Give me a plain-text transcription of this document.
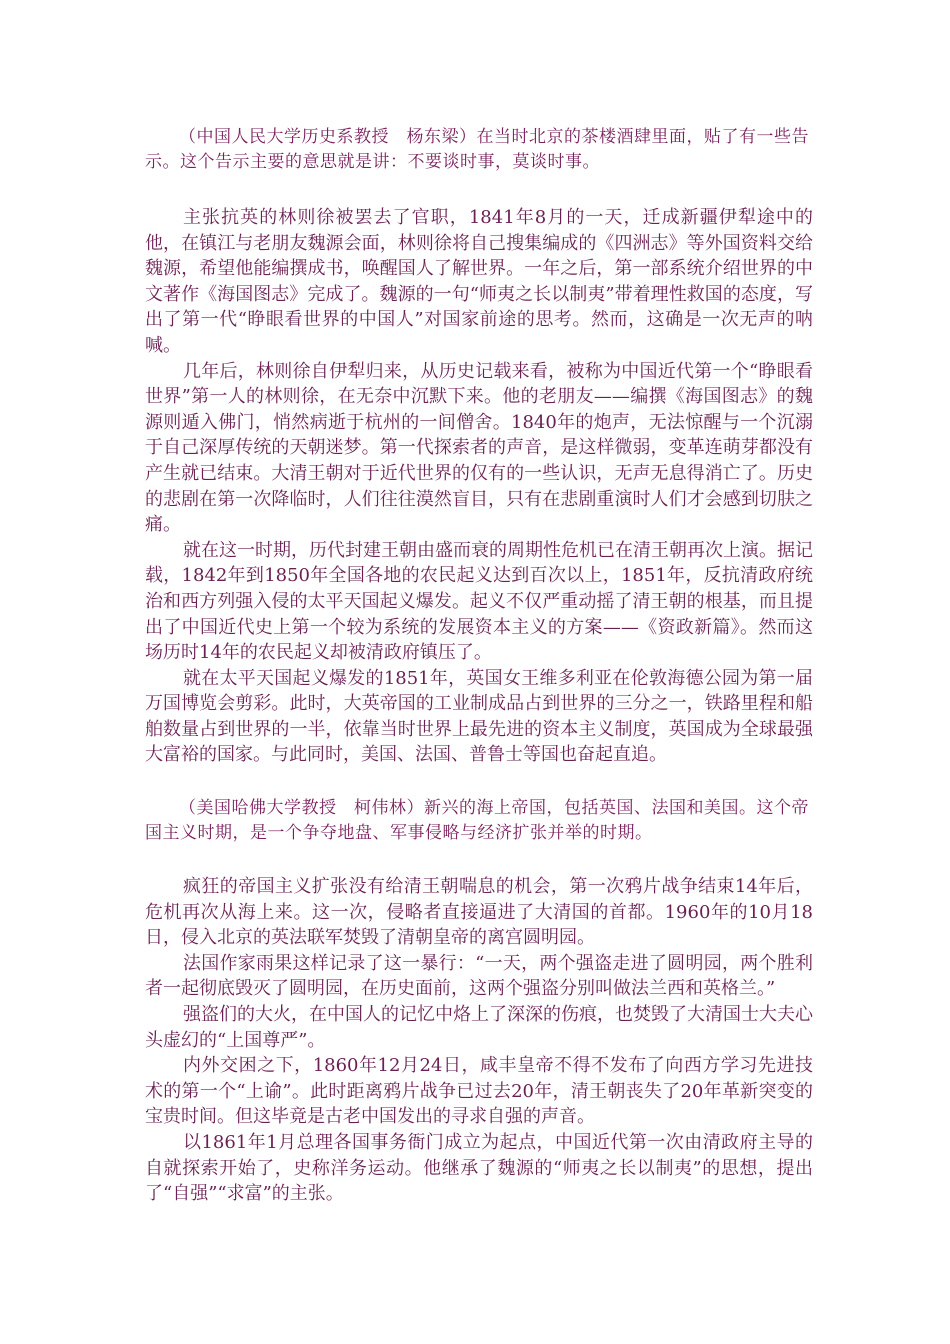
（中国人民大学历史系教授　杨东梁）在当时北京的茶楼酒肆里面，贴了有一些告示。这个告示主要的意思就是讲：不要谈时事，莫谈时事。

主张抗英的林则徐被罢去了官职，1841年8月的一天，迁成新疆伊犁途中的他，在镇江与老朋友魏源会面，林则徐将自己搜集编成的《四洲志》等外国资料交给魏源，希望他能编撰成书，唤醒国人了解世界。一年之后，第一部系统介绍世界的中文著作《海国图志》完成了。魏源的一句“师夷之长以制夷”带着理性救国的态度，写出了第一代“睁眼看世界的中国人”对国家前途的思考。然而，这确是一次无声的呐喊。

几年后，林则徐自伊犁归来，从历史记载来看，被称为中国近代第一个“睁眼看世界”第一人的林则徐，在无奈中沉默下来。他的老朋友——编撰《海国图志》的魏源则遁入佛门，悄然病逝于杭州的一间僧舍。1840年的炮声，无法惊醒与一个沉溺于自己深厚传统的天朝迷梦。第一代探索者的声音，是这样微弱，变革连萌芽都没有产生就已结束。大清王朝对于近代世界的仅有的一些认识，无声无息得消亡了。历史的悲剧在第一次降临时，人们往往漠然盲目，只有在悲剧重演时人们才会感到切肤之痛。

就在这一时期，历代封建王朝由盛而衰的周期性危机已在清王朝再次上演。据记载，1842年到1850年全国各地的农民起义达到百次以上，1851年，反抗清政府统治和西方列强入侵的太平天国起义爆发。起义不仅严重动摇了清王朝的根基，而且提出了中国近代史上第一个较为系统的发展资本主义的方案——《资政新篇》。然而这场历时14年的农民起义却被清政府镇压了。

就在太平天国起义爆发的1851年，英国女王维多利亚在伦敦海德公园为第一届万国博览会剪彩。此时，大英帝国的工业制成品占到世界的三分之一，铁路里程和船舶数量占到世界的一半，依靠当时世界上最先进的资本主义制度，英国成为全球最强大富裕的国家。与此同时，美国、法国、普鲁士等国也奋起直追。

（美国哈佛大学教授　柯伟林）新兴的海上帝国，包括英国、法国和美国。这个帝国主义时期，是一个争夺地盘、军事侵略与经济扩张并举的时期。

疯狂的帝国主义扩张没有给清王朝喘息的机会，第一次鸦片战争结束14年后，危机再次从海上来。这一次，侵略者直接逼进了大清国的首都。1960年的10月18日，侵入北京的英法联军焚毁了清朝皇帝的离宫圆明园。

法国作家雨果这样记录了这一暴行：“一天，两个强盗走进了圆明园，两个胜利者一起彻底毁灭了圆明园，在历史面前，这两个强盗分别叫做法兰西和英格兰。”

强盗们的大火，在中国人的记忆中烙上了深深的伤痕，也焚毁了大清国士大夫心头虚幻的“上国尊严”。

内外交困之下，1860年12月24日，咸丰皇帝不得不发布了向西方学习先进技术的第一个“上谕”。此时距离鸦片战争已过去20年，清王朝丧失了20年革新突变的宝贵时间。但这毕竟是古老中国发出的寻求自强的声音。

以1861年1月总理各国事务衙门成立为起点，中国近代第一次由清政府主导的自就探索开始了，史称洋务运动。他继承了魏源的“师夷之长以制夷”的思想，提出了“自强”“求富”的主张。
